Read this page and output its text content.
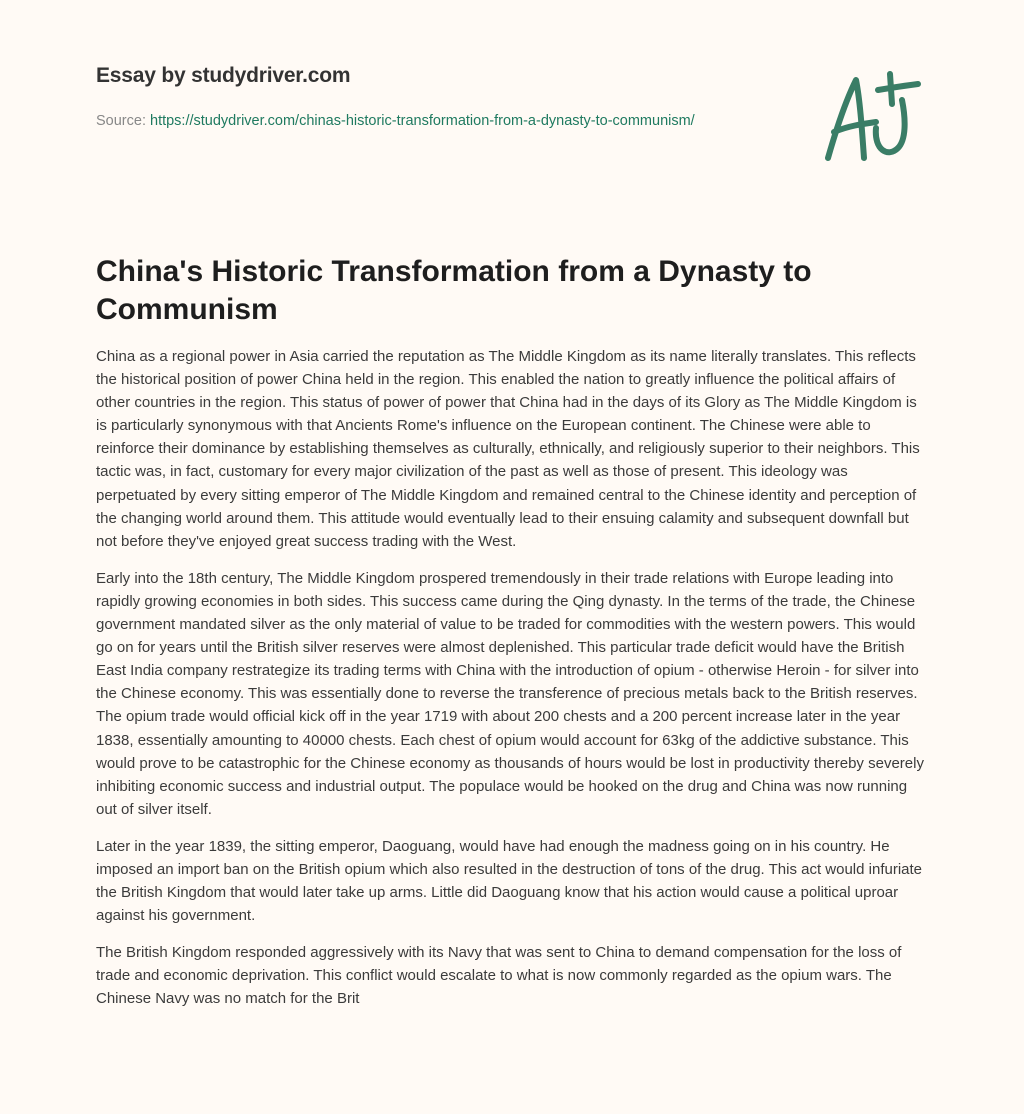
Essay by studydriver.com
Source: https://studydriver.com/chinas-historic-transformation-from-a-dynasty-to-communism/
China's Historic Transformation from a Dynasty to Communism

China as a regional power in Asia carried the reputation as The Middle Kingdom as its name literally translates. This reflects the historical position of power China held in the region. This enabled the nation to greatly influence the political affairs of other countries in the region. This status of power of power that China had in the days of its Glory as The Middle Kingdom is is particularly synonymous with that Ancients Rome's influence on the European continent. The Chinese were able to reinforce their dominance by establishing themselves as culturally, ethnically, and religiously superior to their neighbors. This tactic was, in fact, customary for every major civilization of the past as well as those of present. This ideology was perpetuated by every sitting emperor of The Middle Kingdom and remained central to the Chinese identity and perception of the changing world around them. This attitude would eventually lead to their ensuing calamity and subsequent downfall but not before they've enjoyed great success trading with the West.

Early into the 18th century, The Middle Kingdom prospered tremendously in their trade relations with Europe leading into rapidly growing economies in both sides. This success came during the Qing dynasty. In the terms of the trade, the Chinese government mandated silver as the only material of value to be traded for commodities with the western powers. This would go on for years until the British silver reserves were almost deplenished. This particular trade deficit would have the British East India company restrategize its trading terms with China with the introduction of opium - otherwise Heroin - for silver into the Chinese economy. This was essentially done to reverse the transference of precious metals back to the British reserves. The opium trade would official kick off in the year 1719 with about 200 chests and a 200 percent increase later in the year 1838, essentially amounting to 40000 chests. Each chest of opium would account for 63kg of the addictive substance. This would prove to be catastrophic for the Chinese economy as thousands of hours would be lost in productivity thereby severely inhibiting economic success and industrial output. The populace would be hooked on the drug and China was now running out of silver itself.

Later in the year 1839, the sitting emperor, Daoguang, would have had enough the madness going on in his country. He imposed an import ban on the British opium which also resulted in the destruction of tons of the drug. This act would infuriate the British Kingdom that would later take up arms. Little did Daoguang know that his action would cause a political uproar against his government.

The British Kingdom responded aggressively with its Navy that was sent to China to demand compensation for the loss of trade and economic deprivation. This conflict would escalate to what is now commonly regarded as the opium wars. The Chinese Navy was no match for the Brit
